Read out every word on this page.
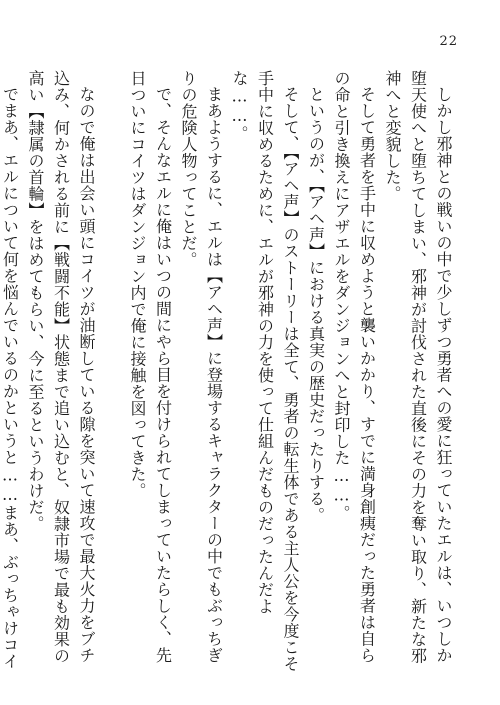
22

しかし邪神との戦いの中で少しずつ勇者への愛に狂っていたエルは、いつしか堕天使へと堕ちてしまい、邪神が討伐された直後にその力を奪い取り、新たな邪神へと変貌した。

そして勇者を手中に収めようと襲いかかり、すでに満身創痍だった勇者は自らの命と引き換えにアザエルをダンジョンへと封印した……。

というのが、【アヘ声】における真実の歴史だったりする。

そして、【アヘ声】のストーリーは全て、勇者の転生体である主人公を今度こそ手中に収めるために、エルが邪神の力を使って仕組んだものだったんだよな……。

まあようするに、エルは【アヘ声】に登場するキャラクターの中でもぶっちぎりの危険人物ってことだ。

で、そんなエルに俺はいつの間にやら目を付けられてしまっていたらしく、先日ついにコイツはダンジョン内で俺に接触を図ってきた。

なので俺は出会い頭にコイツが油断している隙を突いて速攻で最大火力をブチ込み、何かされる前に【戦闘不能】状態まで追い込むと、奴隷市場で最も効果の高い【隷属の首輪】をはめてもらい、今に至るというわけだ。

でまあ、エルについて何を悩んでいるのかというと……まあ、ぶっちゃけコイ
